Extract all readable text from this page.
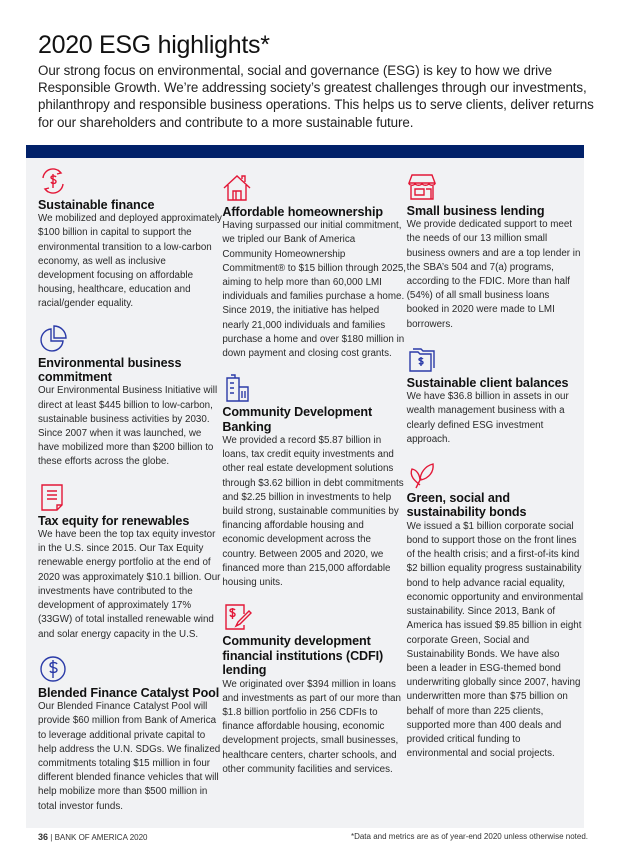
2020 ESG highlights*

Our strong focus on environmental, social and governance (ESG) is key to how we drive Responsible Growth. We’re addressing society’s greatest challenges through our investments, philanthropy and responsible business operations. This helps us to serve clients, deliver returns for our shareholders and contribute to a more sustainable future.

Sustainable finance

We mobilized and deployed approximately $100 billion in capital to support the environmental transition to a low-carbon economy, as well as inclusive development focusing on affordable housing, healthcare, education and racial/gender equality.

Environmental business commitment

Our Environmental Business Initiative will direct at least $445 billion to low-carbon, sustainable business activities by 2030. Since 2007 when it was launched, we have mobilized more than $200 billion to these efforts across the globe.

Tax equity for renewables

We have been the top tax equity investor in the U.S. since 2015. Our Tax Equity renewable energy portfolio at the end of 2020 was approximately $10.1 billion. Our investments have contributed to the development of approximately 17% (33GW) of total installed renewable wind and solar energy capacity in the U.S.

Blended Finance Catalyst Pool

Our Blended Finance Catalyst Pool will provide $60 million from Bank of America to leverage additional private capital to help address the U.N. SDGs. We finalized commitments totaling $15 million in four different blended finance vehicles that will help mobilize more than $500 million in total investor funds.

Affordable homeownership

Having surpassed our initial commitment, we tripled our Bank of America Community Homeownership Commitment® to $15 billion through 2025, aiming to help more than 60,000 LMI individuals and families purchase a home. Since 2019, the initiative has helped nearly 21,000 individuals and families purchase a home and over $180 million in down payment and closing cost grants.

Community Development Banking

We provided a record $5.87 billion in loans, tax credit equity investments and other real estate development solutions through $3.62 billion in debt commitments and $2.25 billion in investments to help build strong, sustainable communities by financing affordable housing and economic development across the country. Between 2005 and 2020, we financed more than 215,000 affordable housing units.

Community development financial institutions (CDFI) lending

We originated over $394 million in loans and investments as part of our more than $1.8 billion portfolio in 256 CDFIs to finance affordable housing, economic development projects, small businesses, healthcare centers, charter schools, and other community facilities and services.

Small business lending

We provide dedicated support to meet the needs of our 13 million small business owners and are a top lender in the SBA’s 504 and 7(a) programs, according to the FDIC. More than half (54%) of all small business loans booked in 2020 were made to LMI borrowers.

Sustainable client balances

We have $36.8 billion in assets in our wealth management business with a clearly defined ESG investment approach.

Green, social and sustainability bonds

We issued a $1 billion corporate social bond to support those on the front lines of the health crisis; and a first-of-its kind $2 billion equality progress sustainability bond to help advance racial equality, economic opportunity and environmental sustainability. Since 2013, Bank of America has issued $9.85 billion in eight corporate Green, Social and Sustainability Bonds. We have also been a leader in ESG-themed bond underwriting globally since 2007, having underwritten more than $75 billion on behalf of more than 225 clients, supported more than 400 deals and provided critical funding to environmental and social projects.

36 | BANK OF AMERICA 2020	*Data and metrics are as of year-end 2020 unless otherwise noted.
